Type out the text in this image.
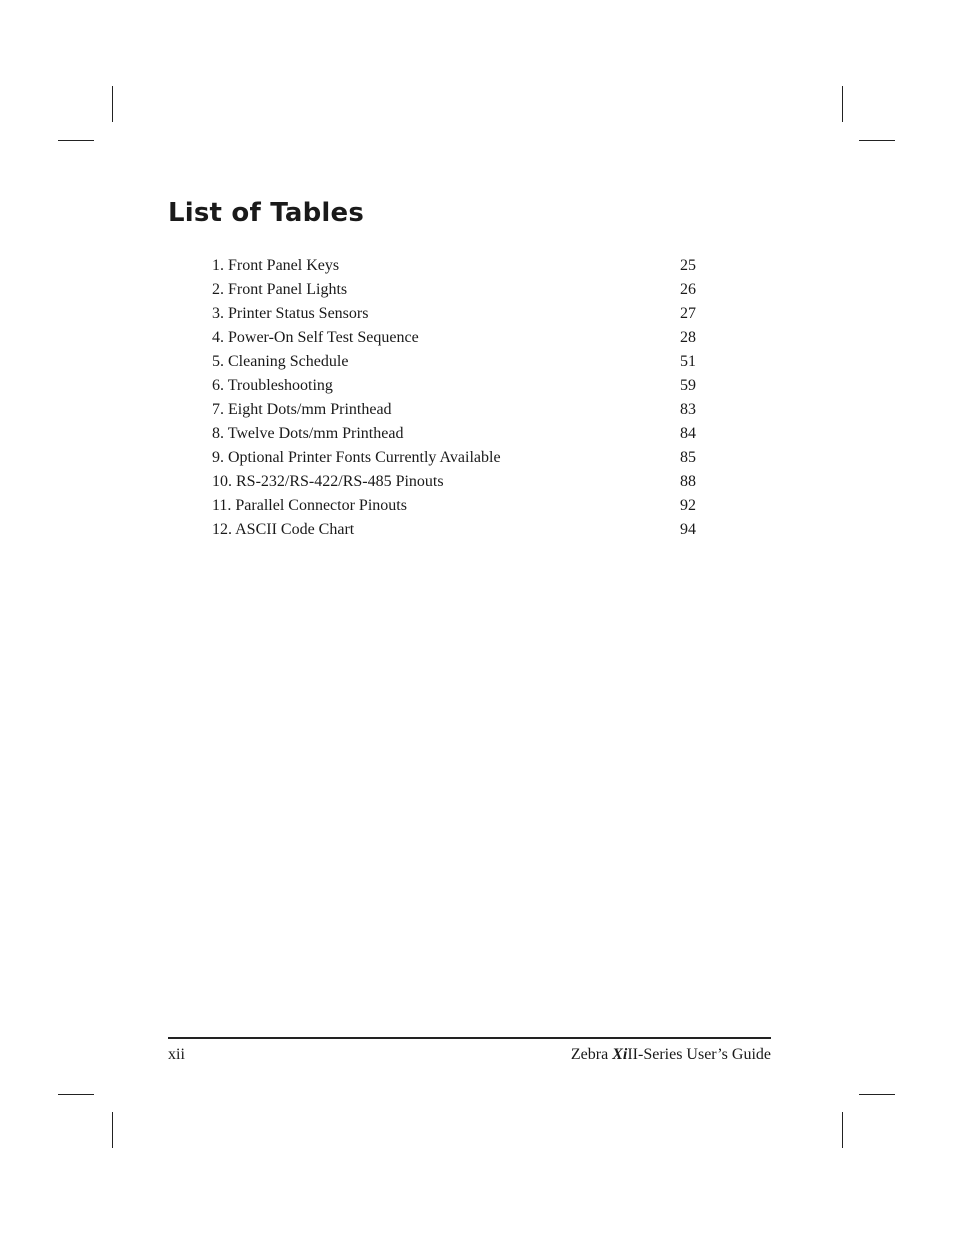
List of Tables
1. Front Panel Keys	25
2. Front Panel Lights	26
3. Printer Status Sensors	27
4. Power-On Self Test Sequence	28
5. Cleaning Schedule	51
6. Troubleshooting	59
7. Eight Dots/mm Printhead	83
8. Twelve Dots/mm Printhead	84
9. Optional Printer Fonts Currently Available	85
10. RS-232/RS-422/RS-485 Pinouts	88
11. Parallel Connector Pinouts	92
12. ASCII Code Chart	94
xii	Zebra XiII-Series User’s Guide
